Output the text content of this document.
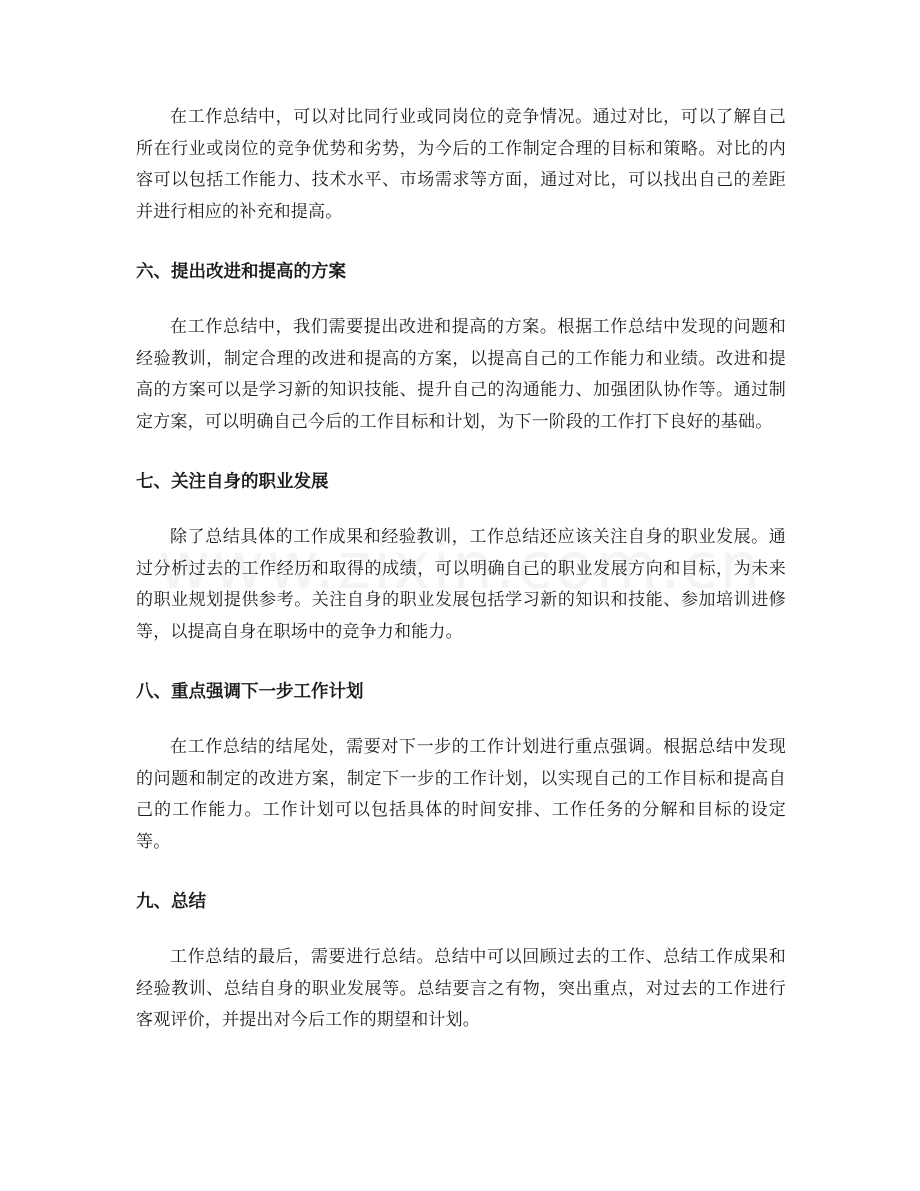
在工作总结中，可以对比同行业或同岗位的竞争情况。通过对比，可以了解自己所在行业或岗位的竞争优势和劣势，为今后的工作制定合理的目标和策略。对比的内容可以包括工作能力、技术水平、市场需求等方面，通过对比，可以找出自己的差距并进行相应的补充和提高。

六、提出改进和提高的方案

在工作总结中，我们需要提出改进和提高的方案。根据工作总结中发现的问题和经验教训，制定合理的改进和提高的方案，以提高自己的工作能力和业绩。改进和提高的方案可以是学习新的知识技能、提升自己的沟通能力、加强团队协作等。通过制定方案，可以明确自己今后的工作目标和计划，为下一阶段的工作打下良好的基础。

七、关注自身的职业发展

除了总结具体的工作成果和经验教训，工作总结还应该关注自身的职业发展。通过分析过去的工作经历和取得的成绩，可以明确自己的职业发展方向和目标，为未来的职业规划提供参考。关注自身的职业发展包括学习新的知识和技能、参加培训进修等，以提高自身在职场中的竞争力和能力。

八、重点强调下一步工作计划

在工作总结的结尾处，需要对下一步的工作计划进行重点强调。根据总结中发现的问题和制定的改进方案，制定下一步的工作计划，以实现自己的工作目标和提高自己的工作能力。工作计划可以包括具体的时间安排、工作任务的分解和目标的设定等。

九、总结

工作总结的最后，需要进行总结。总结中可以回顾过去的工作、总结工作成果和经验教训、总结自身的职业发展等。总结要言之有物，突出重点，对过去的工作进行客观评价，并提出对今后工作的期望和计划。
